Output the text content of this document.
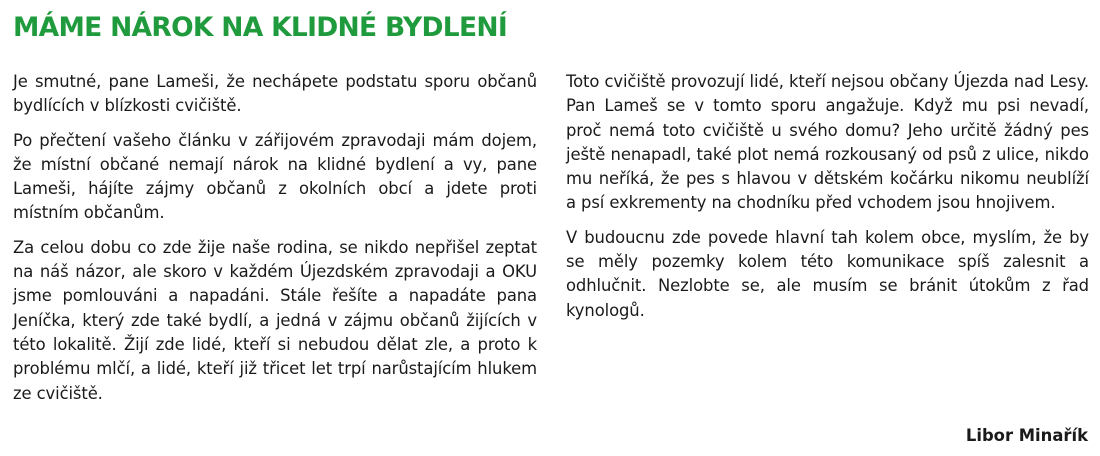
MÁME NÁROK NA KLIDNÉ BYDLENÍ

Je smutné, pane Lameši, že nechápete podstatu sporu občanů bydlících v blízkosti cvičiště.

Po přečtení vašeho článku v zářijovém zpravodaji mám dojem, že místní občané nemají nárok na klidné bydlení a vy, pane Lameši, hájíte zájmy občanů z okolních obcí a jdete proti místním občanům.

Za celou dobu co zde žije naše rodina, se nikdo nepřišel zeptat na náš názor, ale skoro v každém Újezdském zpravodaji a OKU jsme pomlouváni a napadáni. Stále řešíte a napadáte pana Jeníčka, který zde také bydlí, a jedná v zájmu občanů žijících v této lokalitě. Žijí zde lidé, kteří si nebudou dělat zle, a proto k problému mlčí, a lidé, kteří již třicet let trpí narůstajícím hlukem ze cvičiště.

Toto cvičiště provozují lidé, kteří nejsou občany Újezda nad Lesy. Pan Lameš se v tomto sporu angažuje. Když mu psi nevadí, proč nemá toto cvičiště u svého domu? Jeho určitě žádný pes ještě nenapadl, také plot nemá rozkousaný od psů z ulice, nikdo mu neříká, že pes s hlavou v dětském kočárku nikomu neublíží a psí exkrementy na chodníku před vchodem jsou hnojivem.

V budoucnu zde povede hlavní tah kolem obce, myslím, že by se měly pozemky kolem této komunikace spíš zalesnit a odhlučnit. Nezlobte se, ale musím se bránit útokům z řad kynologů.

Libor Minařík
